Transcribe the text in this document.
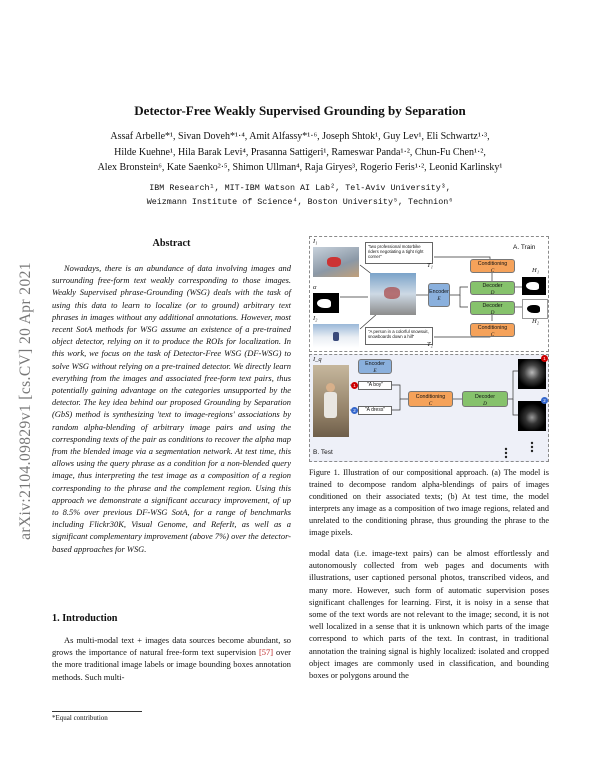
arXiv:2104.09829v1 [cs.CV] 20 Apr 2021
Detector-Free Weakly Supervised Grounding by Separation
Assaf Arbelle*¹, Sivan Doveh*¹·⁴, Amit Alfassy*¹·⁶, Joseph Shtok¹, Guy Lev¹, Eli Schwartz¹·³,
Hilde Kuehne¹, Hila Barak Levi⁴, Prasanna Sattigeri¹, Rameswar Panda¹·², Chun-Fu Chen¹·²,
Alex Bronstein⁶, Kate Saenko²·⁵, Shimon Ullman⁴, Raja Giryes³, Rogerio Feris¹·², Leonid Karlinsky¹
IBM Research¹, MIT-IBM Watson AI Lab², Tel-Aviv University³,
Weizmann Institute of Science⁴, Boston University⁵, Technion⁶
Abstract

Nowadays, there is an abundance of data involving images and surrounding free-form text weakly corresponding to those images. Weakly Supervised phrase-Grounding (WSG) deals with the task of using this data to learn to localize (or to ground) arbitrary text phrases in images without any additional annotations. However, most recent SotA methods for WSG assume an existence of a pre-trained object detector, relying on it to produce the ROIs for localization. In this work, we focus on the task of Detector-Free WSG (DF-WSG) to solve WSG without relying on a pre-trained detector. We directly learn everything from the images and associated free-form text pairs, thus potentially gaining advantage on the categories unsupported by the detector. The key idea behind our proposed Grounding by Separation (GbS) method is synthesizing 'text to image-regions' associations by random alpha-blending of arbitrary image pairs and using the corresponding texts of the pair as conditions to recover the alpha map from the blended image via a segmentation network. At test time, this allows using the query phrase as a condition for a non-blended query image, thus interpreting the test image as a composition of a region corresponding to the phrase and the complement region. Using this approach we demonstrate a significant accuracy improvement, of up to 8.5% over previous DF-WSG SotA, for a range of benchmarks including Flickr30K, Visual Genome, and ReferIt, as well as a significant complementary improvement (above 7%) over the detector-based approaches for WSG.

1. Introduction

As multi-modal text + images data sources become abundant, so grows the importance of natural free-form text supervision [57] over the more traditional image labels or image bounding boxes annotation methods. Such multi-

*Equal contribution
A. Train
I₁
α
I₂
"two professional motorbike riders negotiating a tight right corner"
T₁
"A person in a colorful snowsuit, snowboards down a hill"
T₂
Encoder
E
Conditioning
C
Decoder
D
Decoder
D
Conditioning
C
H₁
H₂
I_q
Encoder
E
"A boy"
"A dress"
1
2
Conditioning
C
Decoder
D
1
2
B. Test
Figure 1. Illustration of our compositional approach. (a) The model is trained to decompose random alpha-blendings of pairs of images conditioned on their associated texts; (b) At test time, the model interprets any image as a composition of two image regions, related and unrelated to the conditioning phrase, thus grounding the phrase to the image pixels.

modal data (i.e. image-text pairs) can be almost effortlessly and autonomously collected from web pages and documents with illustrations, user captioned personal photos, transcribed videos, and many more. However, such form of automatic supervision poses significant challenges for learning. First, it is noisy in a sense that some of the text words are not relevant to the image; second, it is not well localized in a sense that it is unknown which parts of the image correspond to which parts of the text. In contrast, in traditional annotation the training signal is highly localized: isolated and cropped object images are commonly used in classification, and bounding boxes or polygons around the
